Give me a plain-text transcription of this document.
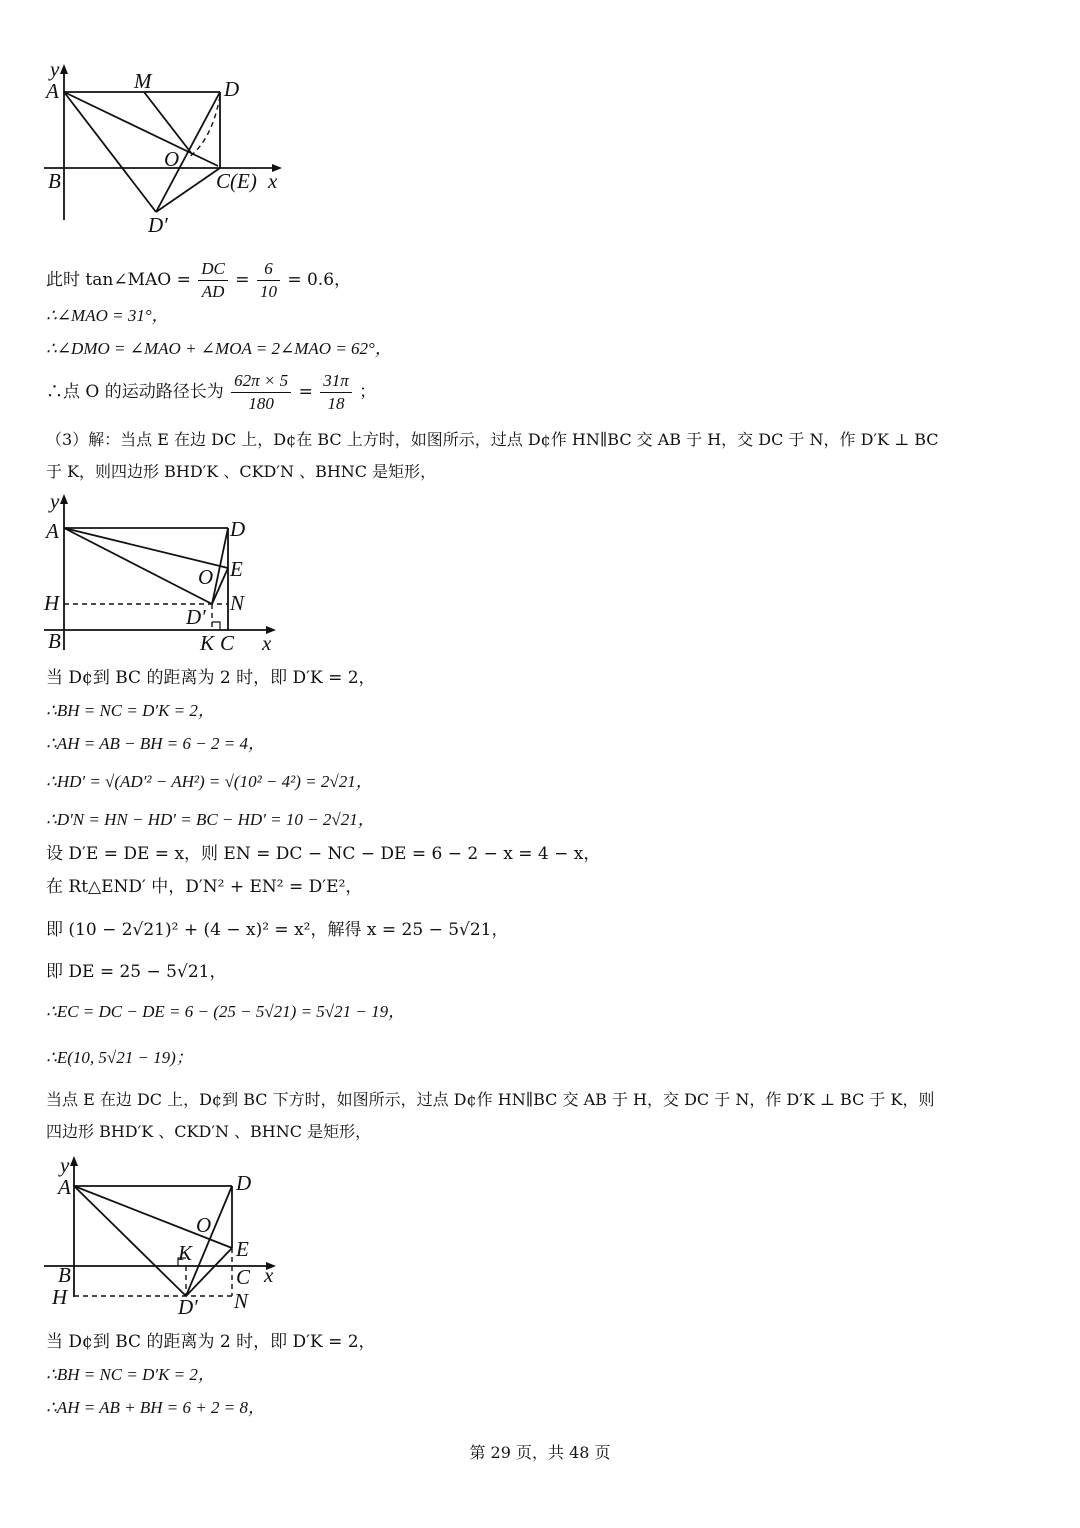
y
A	M	D
O
B	C(E) x
D′
此时 tan∠MAO = $\frac{DC}{AD} = \frac{6}{10} = 0.6$，
∴∠MAO = 31°，
∴∠DMO = ∠MAO + ∠MOA = 2∠MAO = 62°，
∴点 O 的运动路径长为 $\frac{62\pi \times 5}{180} = \frac{31\pi}{18}$ ；
（3）解：当点 E 在边 DC 上，D¢在 BC 上方时，如图所示，过点 D¢作 HN∥BC 交 AB 于 H，交 DC 于 N，作 D′K ⊥ BC
于 K，则四边形 BHD′K 、CKD′N 、BHNC 是矩形，
y
A	D
O E
H	N
D′
B	K C x
当 D¢到 BC 的距离为 2 时，即 D′K = 2，
∴BH = NC = D′K = 2，
∴AH = AB − BH = 6 − 2 = 4，
∴HD′ = √(AD′² − AH²) = √(10² − 4²) = 2√21，
∴D′N = HN − HD′ = BC − HD′ = 10 − 2√21，
设 D′E = DE = x，则 EN = DC − NC − DE = 6 − 2 − x = 4 − x，
在 Rt△END′ 中，D′N² + EN² = D′E²，
即 (10 − 2√21)² + (4 − x)² = x²，解得 x = 25 − 5√21，
即 DE = 25 − 5√21，
∴EC = DC − DE = 6 − (25 − 5√21) = 5√21 − 19，
∴E(10, 5√21 − 19)；
当点 E 在边 DC 上，D¢到 BC 下方时，如图所示，过点 D¢作 HN∥BC 交 AB 于 H，交 DC 于 N，作 D′K ⊥ BC 于 K，则
四边形 BHD′K 、CKD′N 、BHNC 是矩形，
y
A	D
O
K E
B	C x
H	D′ N
当 D¢到 BC 的距离为 2 时，即 D′K = 2，
∴BH = NC = D′K = 2，
∴AH = AB + BH = 6 + 2 = 8，
第 29 页，共 48 页
